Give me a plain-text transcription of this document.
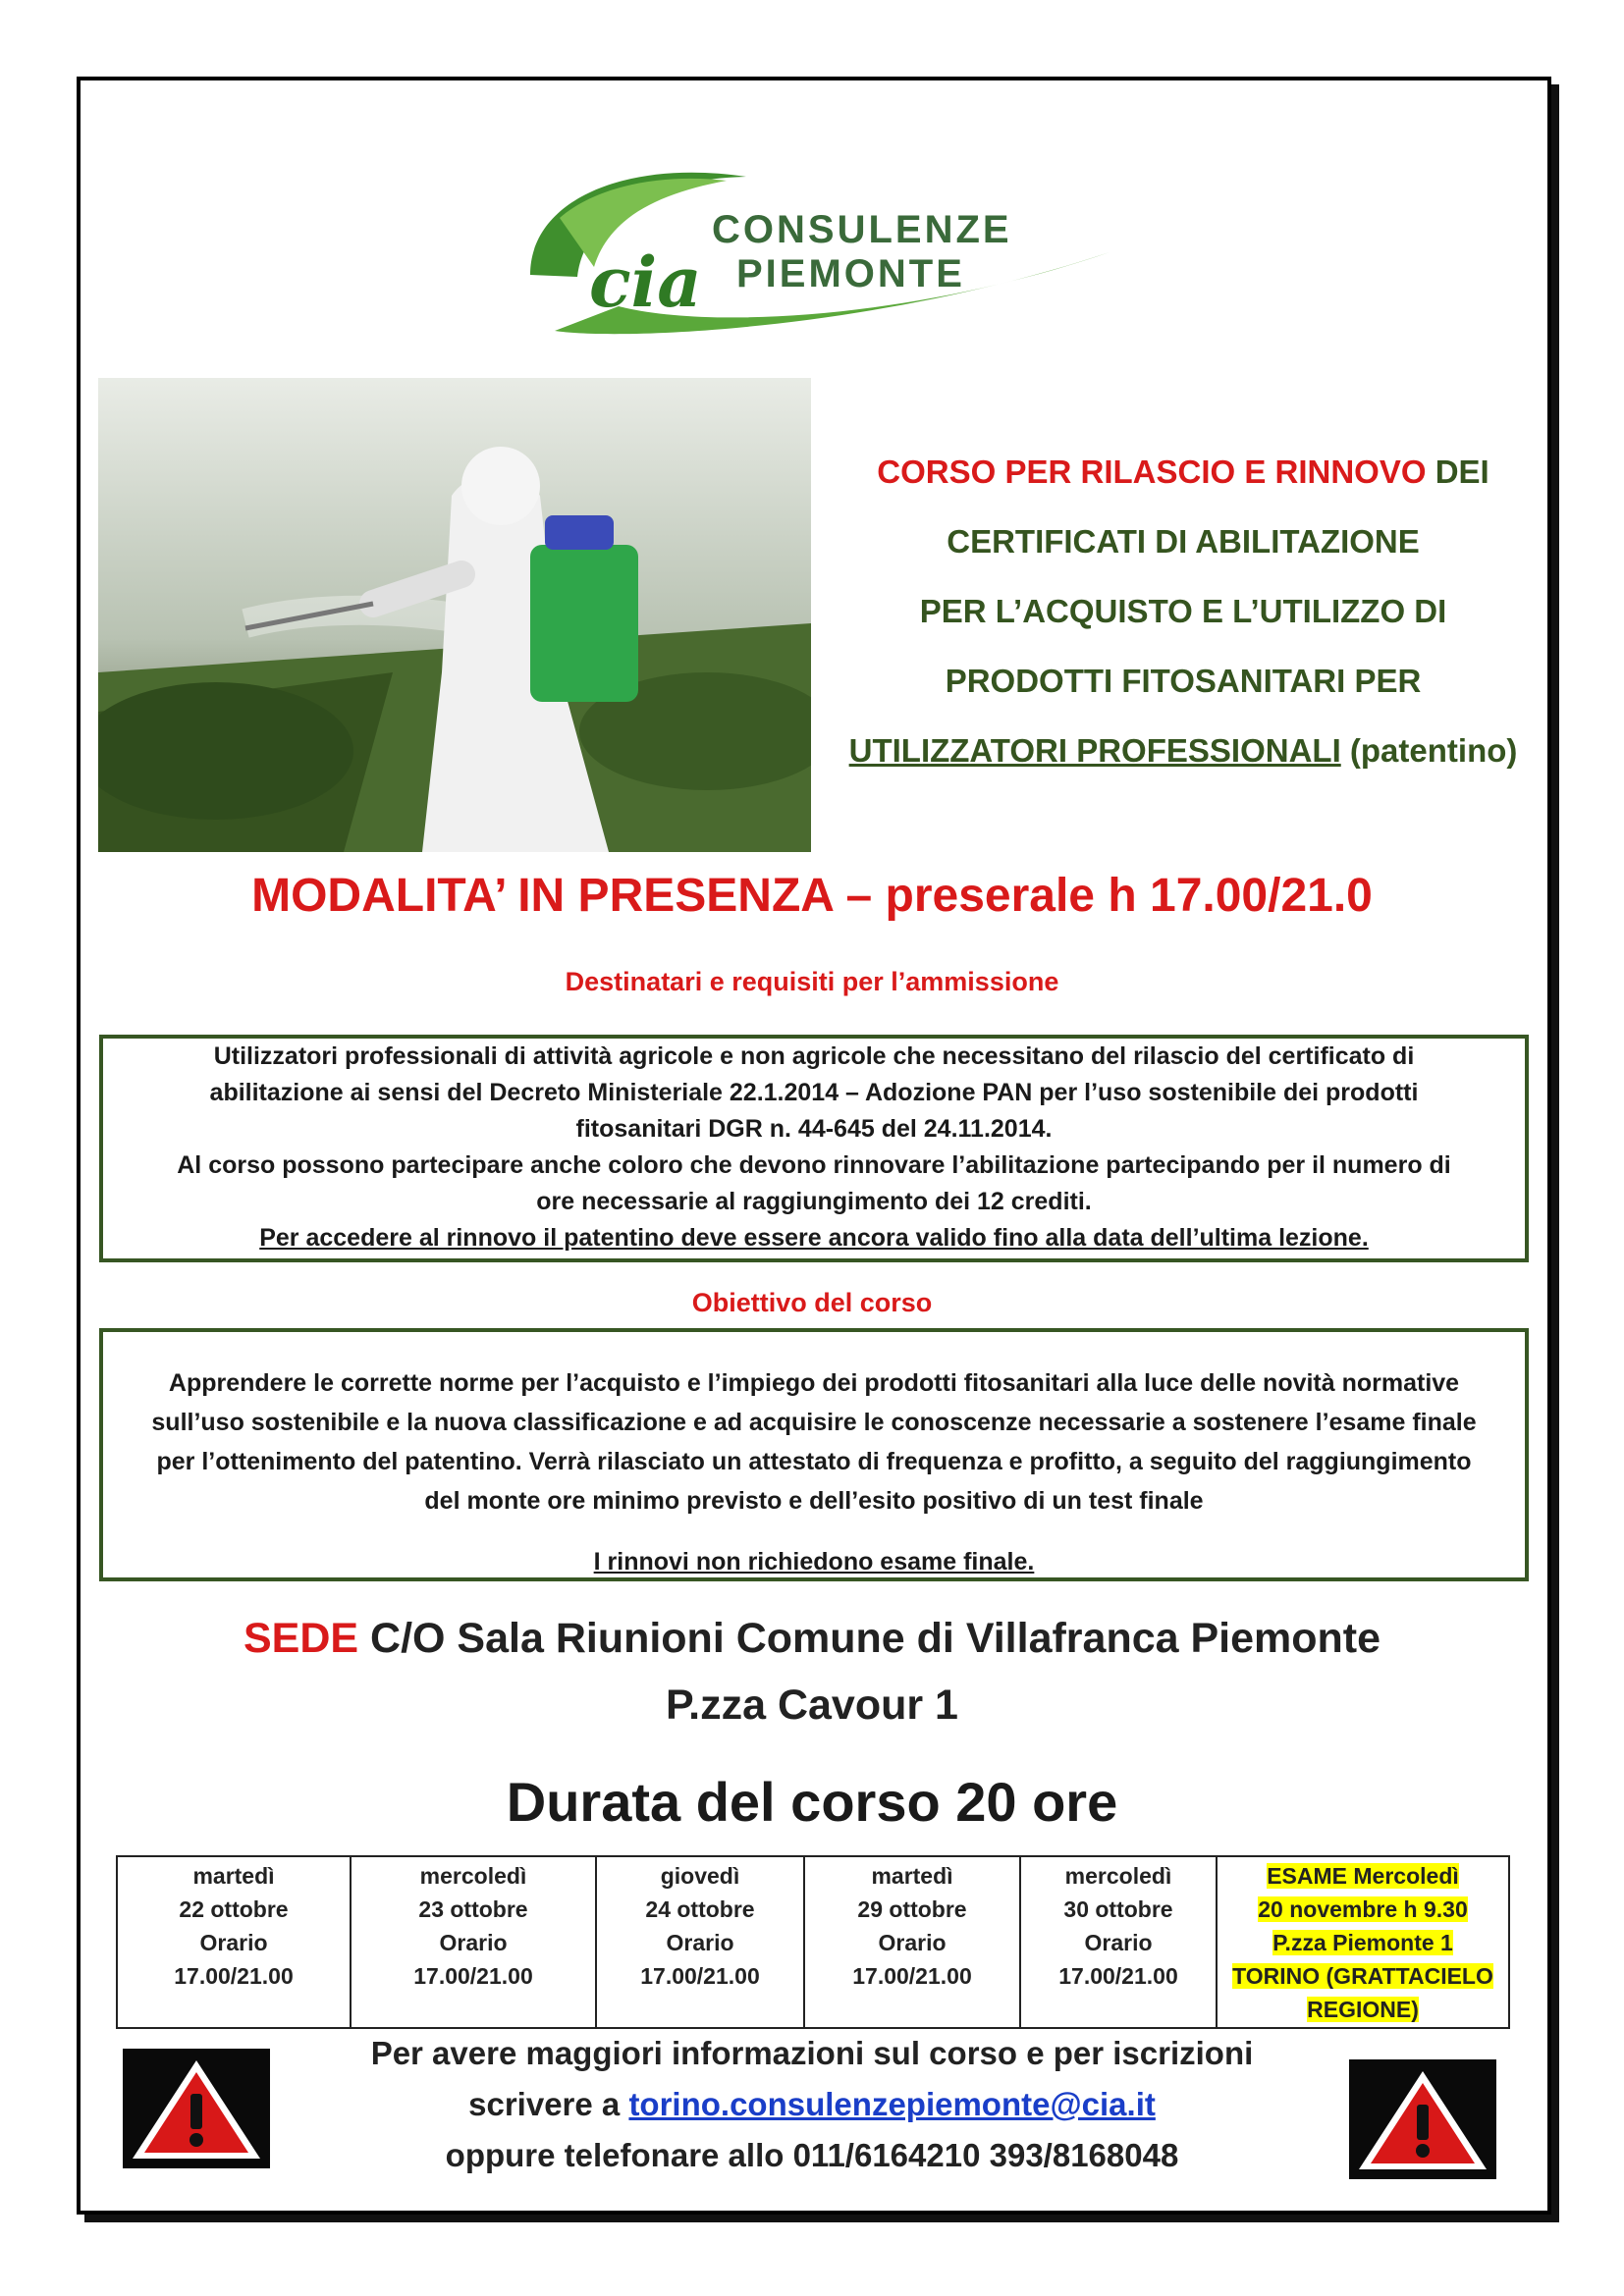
cia
CONSULENZE
PIEMONTE
CORSO PER RILASCIO E RINNOVO DEI
CERTIFICATI DI ABILITAZIONE
PER L’ACQUISTO E L’UTILIZZO DI
PRODOTTI FITOSANITARI PER
UTILIZZATORI PROFESSIONALI (patentino)
MODALITA’ IN PRESENZA – preserale h 17.00/21.0
Destinatari e requisiti per l’ammissione
Utilizzatori professionali di attività agricole e non agricole che necessitano del rilascio del certificato di
abilitazione ai sensi del Decreto Ministeriale 22.1.2014 – Adozione PAN per l’uso sostenibile dei prodotti
fitosanitari DGR n. 44-645 del 24.11.2014.
Al corso possono partecipare anche coloro che devono rinnovare l’abilitazione partecipando per il numero di
ore necessarie al raggiungimento dei 12 crediti.
Per accedere al rinnovo il patentino deve essere ancora valido fino alla data dell’ultima lezione.
Obiettivo del corso
Apprendere le corrette norme per l’acquisto e l’impiego dei prodotti fitosanitari alla luce delle novità normative
sull’uso sostenibile e la nuova classificazione e ad acquisire le conoscenze necessarie a sostenere l’esame finale
per l’ottenimento del patentino. Verrà rilasciato un attestato di frequenza e profitto, a seguito del raggiungimento
del monte ore minimo previsto e dell’esito positivo di un test finale
I rinnovi non richiedono esame finale.
SEDE C/O Sala Riunioni Comune di Villafranca Piemonte
P.zza Cavour 1
Durata del corso 20 ore
martedì
22 ottobre
Orario
17.00/21.00

mercoledì
23 ottobre
Orario
17.00/21.00

giovedì
24 ottobre
Orario
17.00/21.00

martedì
29 ottobre
Orario
17.00/21.00

mercoledì
30 ottobre
Orario
17.00/21.00

ESAME Mercoledì
20 novembre h 9.30
P.zza Piemonte 1
TORINO (GRATTACIELO
REGIONE)
Per avere maggiori informazioni sul corso e per iscrizioni
scrivere a torino.consulenzepiemonte@cia.it
oppure telefonare allo 011/6164210 393/8168048
